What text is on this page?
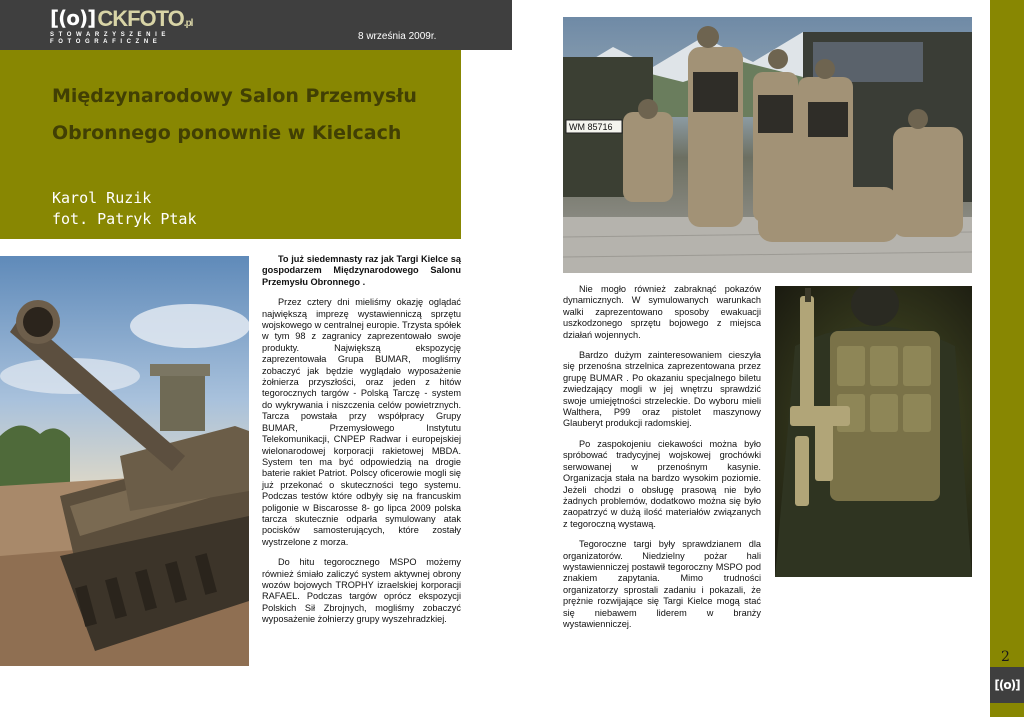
[(o)]CKFOTO.pl
STOWARZYSZENIE
FOTOGRAFICZNE	8 września 2009r.
Międzynarodowy Salon Przemysłu
Obronnego ponownie w Kielcach
Karol Ruzik
fot. Patryk Ptak

To już siedemnasty raz jak Targi Kielce są gospodarzem Międzynarodowego Salonu Przemysłu Obronnego .

Przez cztery dni mieliśmy okazję oglądać największą imprezę wystawienniczą sprzętu wojskowego w centralnej europie. Trzysta spółek w tym 98 z zagranicy zaprezentowało swoje produkty. Największą ekspozycję zaprezentowała Grupa BUMAR, mogliśmy zobaczyć jak będzie wyglądało wyposażenie żołnierza przyszłości, oraz jeden z hitów tegorocznych targów - Polską Tarczę - system do wykrywania i niszczenia celów powietrznych. Tarcza powstała przy współpracy Grupy BUMAR, Przemysłowego Instytutu Telekomunikacji, CNPEP Radwar i europejskiej wielonarodowej korporacji rakietowej MBDA. System ten ma być odpowiedzią na drogie baterie rakiet Patriot. Polscy oficerowie mogli się już przekonać o skuteczności tego systemu. Podczas testów które odbyły się na francuskim poligonie w Biscarosse 8- go lipca 2009 polska tarcza skutecznie odparła symulowany atak pocisków samosterujących, które zostały wystrzelone z morza.

Do hitu tegorocznego MSPO możemy również śmiało zaliczyć system aktywnej obrony wozów bojowych TROPHY izraelskiej korporacji RAFAEL. Podczas targów oprócz ekspozycji Polskich Sił Zbrojnych, mogliśmy zobaczyć wyposażenie żołnierzy grupy wyszehradzkiej.

WM 85716

Nie mogło również zabraknąć pokazów dynamicznych. W symulowanych warunkach walki zaprezentowano sposoby ewakuacji uszkodzonego sprzętu bojowego z miejsca działań wojennych.

Bardzo dużym zainteresowaniem cieszyła się przenośna strzelnica zaprezentowana przez grupę BUMAR . Po okazaniu specjalnego biletu zwiedzający mogli w jej wnętrzu sprawdzić swoje umiejętności strzeleckie. Do wyboru mieli Walthera, P99 oraz pistolet maszynowy Glauberyt produkcji radomskiej.

Po zaspokojeniu ciekawości można było spróbować tradycyjnej wojskowej grochówki serwowanej w przenośnym kasynie. Organizacja stała na bardzo wysokim poziomie. Jeżeli chodzi o obsługę prasową nie było żadnych problemów, dodatkowo można się było zaopatrzyć w dużą ilość materiałów związanych z tegoroczną wystawą.

Tegoroczne targi były sprawdzianem dla organizatorów. Niedzielny pożar hali wystawienniczej postawił tegoroczny MSPO pod znakiem zapytania. Mimo trudności organizatorzy sprostali zadaniu i pokazali, że prężnie rozwijające się Targi Kielce mogą stać się niebawem liderem w branży wystawienniczej.

2
[(o)]
